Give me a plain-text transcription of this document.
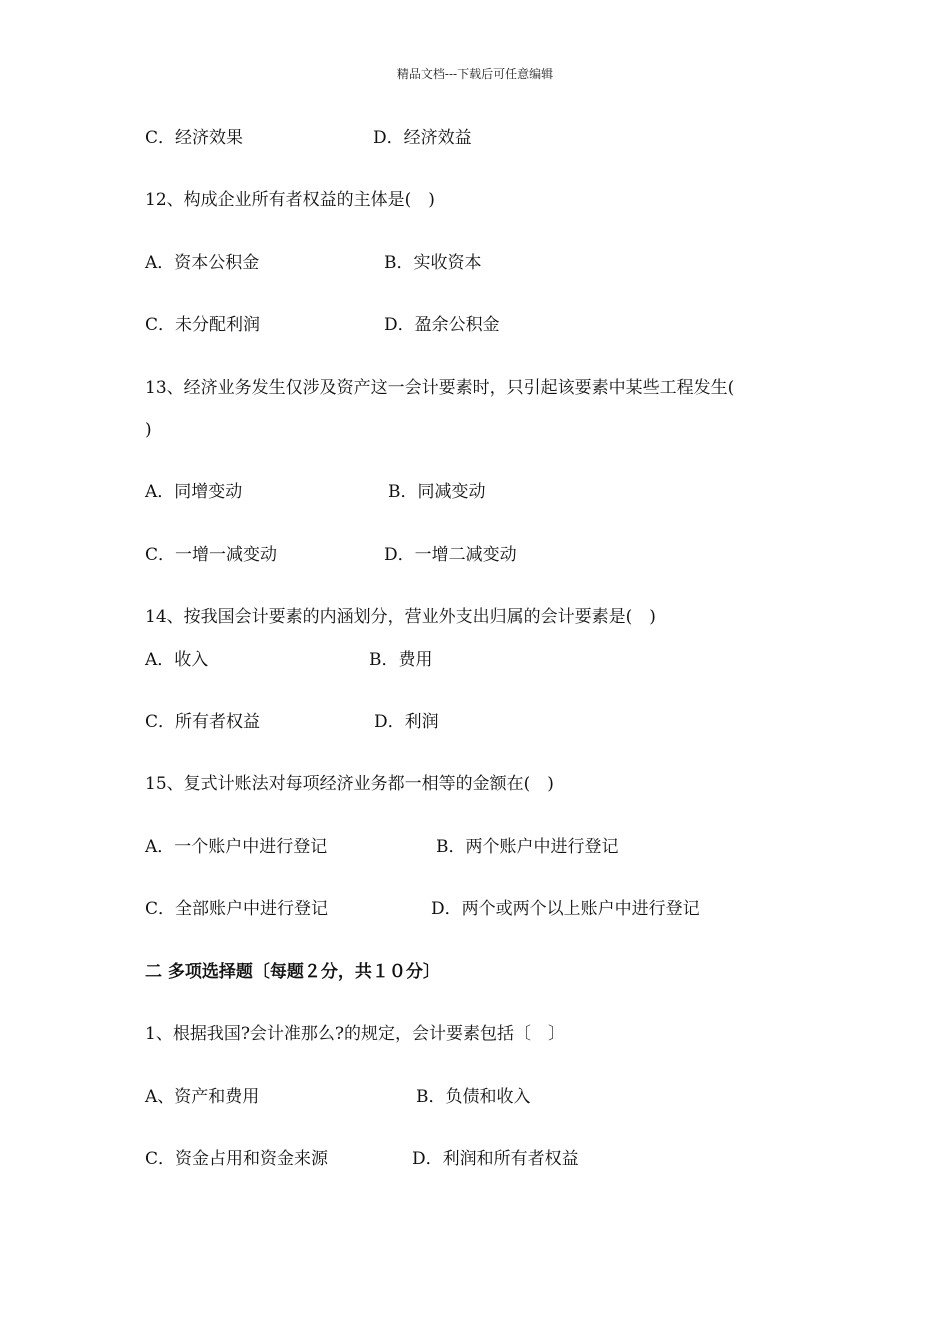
精品文档---下载后可任意编辑
C．经济效果	D．经济效益
12、构成企业所有者权益的主体是(　)
A．资本公积金	B．实收资本
C．未分配利润	D．盈余公积金
13、经济业务发生仅涉及资产这一会计要素时，只引起该要素中某些工程发生(
)
A．同增变动	B．同减变动
C．一增一减变动	D．一增二减变动
14、按我国会计要素的内涵划分，营业外支出归属的会计要素是(　)
A．收入	B．费用
C．所有者权益	D．利润
15、复式计账法对每项经济业务都一相等的金额在(　)
A．一个账户中进行登记	B．两个账户中进行登记
C．全部账户中进行登记	D．两个或两个以上账户中进行登记
二 多项选择题〔每题２分，共１０分〕
1、根据我国?会计准那么?的规定，会计要素包括〔　〕
A、资产和费用	B．负债和收入
C．资金占用和资金来源	D．利润和所有者权益
